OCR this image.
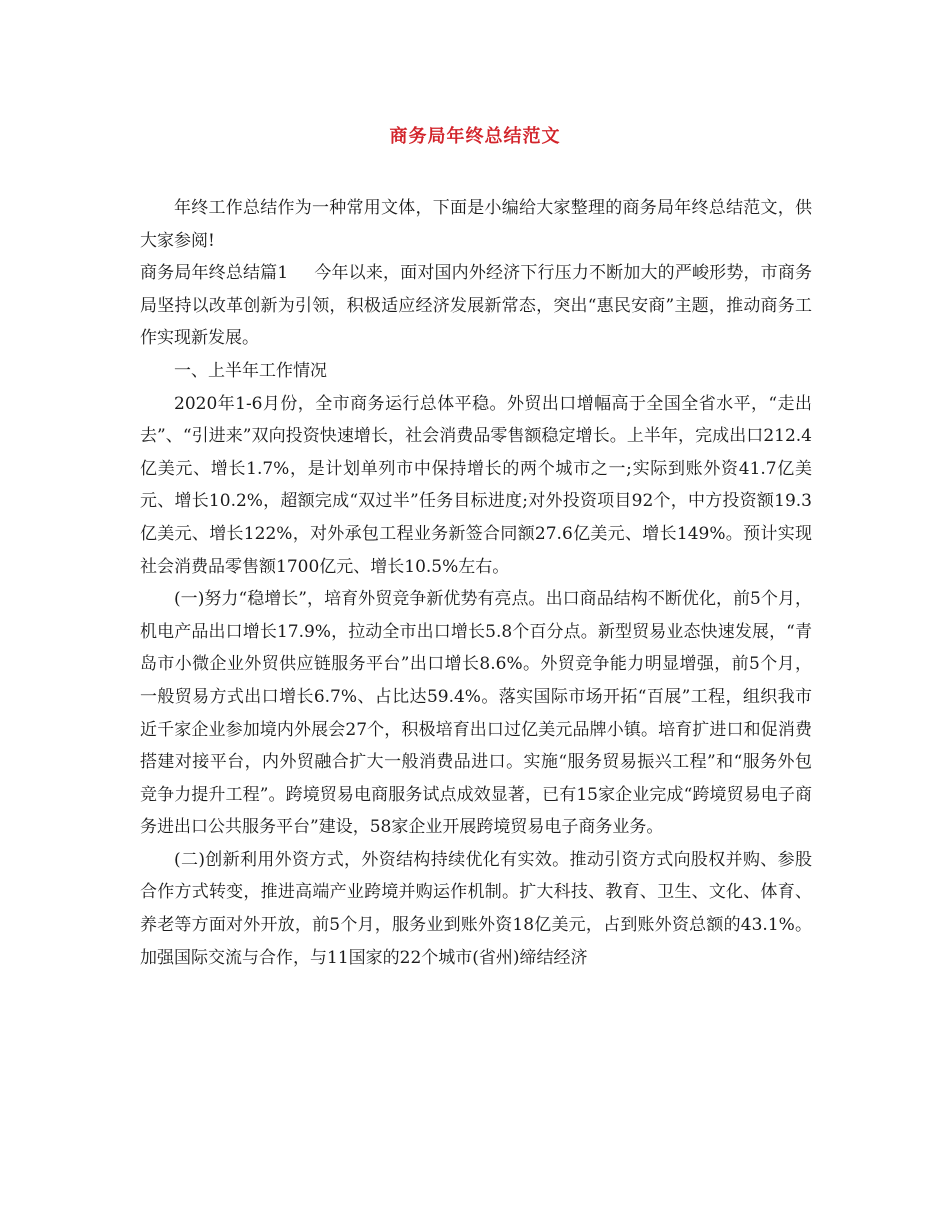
商务局年终总结范文

年终工作总结作为一种常用文体，下面是小编给大家整理的商务局年终总结范文，供大家参阅!

商务局年终总结篇1 今年以来，面对国内外经济下行压力不断加大的严峻形势，市商务局坚持以改革创新为引领，积极适应经济发展新常态，突出“惠民安商”主题，推动商务工作实现新发展。

一、上半年工作情况

2020年1-6月份，全市商务运行总体平稳。外贸出口增幅高于全国全省水平，“走出去”、“引进来”双向投资快速增长，社会消费品零售额稳定增长。上半年，完成出口212.4亿美元、增长1.7%，是计划单列市中保持增长的两个城市之一;实际到账外资41.7亿美元、增长10.2%，超额完成“双过半”任务目标进度;对外投资项目92个，中方投资额19.3亿美元、增长122%，对外承包工程业务新签合同额27.6亿美元、增长149%。预计实现社会消费品零售额1700亿元、增长10.5%左右。

(一)努力“稳增长”，培育外贸竞争新优势有亮点。出口商品结构不断优化，前5个月，机电产品出口增长17.9%，拉动全市出口增长5.8个百分点。新型贸易业态快速发展，“青岛市小微企业外贸供应链服务平台”出口增长8.6%。外贸竞争能力明显增强，前5个月，一般贸易方式出口增长6.7%、占比达59.4%。落实国际市场开拓“百展”工程，组织我市近千家企业参加境内外展会27个，积极培育出口过亿美元品牌小镇。培育扩进口和促消费搭建对接平台，内外贸融合扩大一般消费品进口。实施“服务贸易振兴工程”和“服务外包竞争力提升工程”。跨境贸易电商服务试点成效显著，已有15家企业完成“跨境贸易电子商务进出口公共服务平台”建设，58家企业开展跨境贸易电子商务业务。

(二)创新利用外资方式，外资结构持续优化有实效。推动引资方式向股权并购、参股合作方式转变，推进高端产业跨境并购运作机制。扩大科技、教育、卫生、文化、体育、养老等方面对外开放，前5个月，服务业到账外资18亿美元，占到账外资总额的43.1%。加强国际交流与合作，与11国家的22个城市(省州)缔结经济
